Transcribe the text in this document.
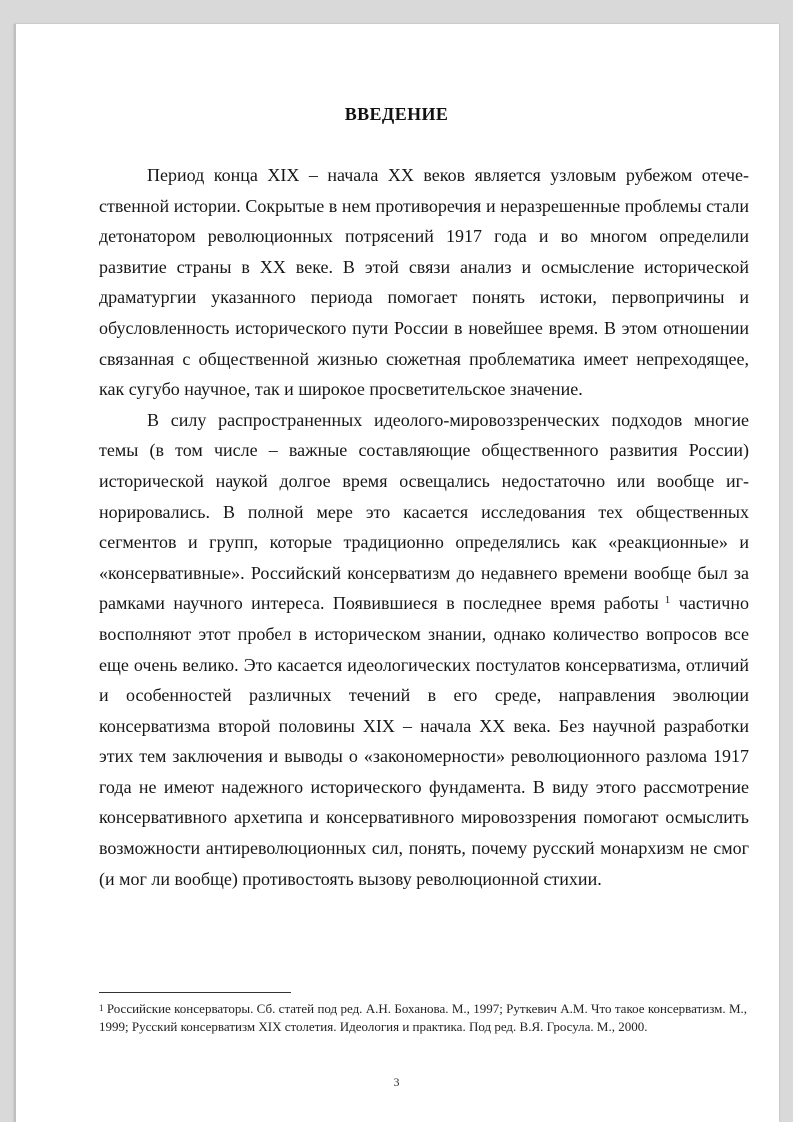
ВВЕДЕНИЕ

Период конца XIX – начала XX веков является узловым рубежом отечественной истории. Сокрытые в нем противоречия и неразрешенные проблемы стали детонатором революционных потрясений 1917 года и во многом определили развитие страны в XX веке. В этой связи анализ и осмысление исторической драматургии указанного периода помогает понять истоки, первопричины и обусловленность исторического пути России в новейшее время. В этом отношении связанная с общественной жизнью сюжетная проблематика имеет непреходящее, как сугубо научное, так и широкое просветительское значение.

В силу распространенных идеолого-мировоззренческих подходов многие темы (в том числе – важные составляющие общественного развития России) исторической наукой долгое время освещались недостаточно или вообще игнорировались. В полной мере это касается исследования тех общественных сегментов и групп, которые традиционно определялись как «реакционные» и «консервативные». Российский консерватизм до недавнего времени вообще был за рамками научного интереса. Появившиеся в последнее время работы $^1$ частично восполняют этот пробел в историческом знании, однако количество вопросов все еще очень велико. Это касается идеологических постулатов консерватизма, отличий и особенностей различных течений в его среде, направления эволюции консерватизма второй половины XIX – начала XX века. Без научной разработки этих тем заключения и выводы о «закономерности» революционного разлома 1917 года не имеют надежного исторического фундамента. В виду этого рассмотрение консервативного архетипа и консервативного мировоззрения помогают осмыслить возможности антиреволюционных сил, понять, почему русский монархизм не смог (и мог ли вообще) противостоять вызову революционной стихии.

$^1$ Российские консерваторы. Сб. статей под ред. А.Н. Боханова. М., 1997; Руткевич А.М. Что такое консерватизм. М., 1999; Русский консерватизм XIX столетия. Идеология и практика. Под ред. В.Я. Гросула. М., 2000.
3
